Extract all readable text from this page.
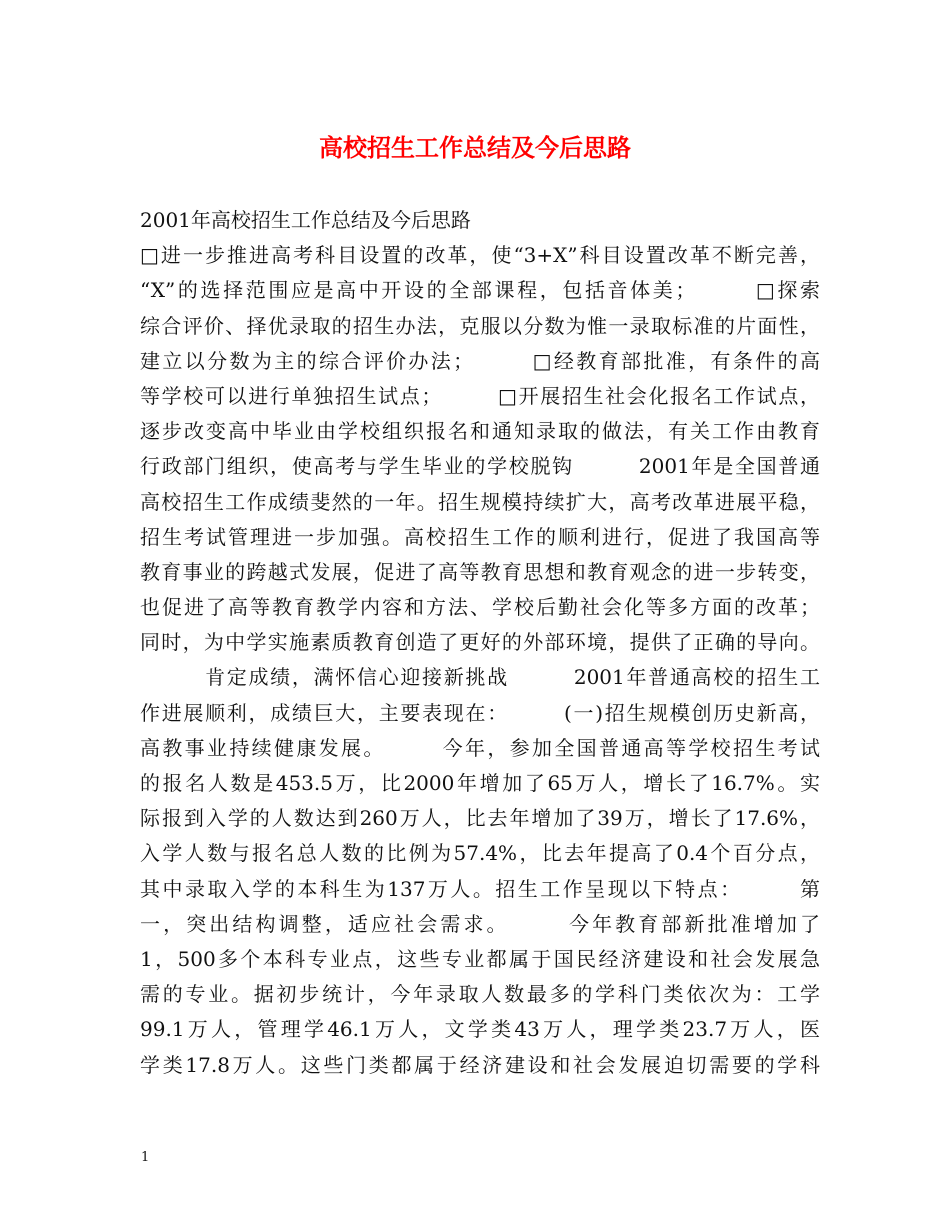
高校招生工作总结及今后思路
2001年高校招生工作总结及今后思路
□进一步推进高考科目设置的改革，使“3+X”科目设置改革不断完善，
“X”的选择范围应是高中开设的全部课程，包括音体美；　　　□探索
综合评价、择优录取的招生办法，克服以分数为惟一录取标准的片面性，
建立以分数为主的综合评价办法；　　　□经教育部批准，有条件的高
等学校可以进行单独招生试点；　　　□开展招生社会化报名工作试点，
逐步改变高中毕业由学校组织报名和通知录取的做法，有关工作由教育
行政部门组织，使高考与学生毕业的学校脱钩　　　2001年是全国普通
高校招生工作成绩斐然的一年。招生规模持续扩大，高考改革进展平稳，
招生考试管理进一步加强。高校招生工作的顺利进行，促进了我国高等
教育事业的跨越式发展，促进了高等教育思想和教育观念的进一步转变，
也促进了高等教育教学内容和方法、学校后勤社会化等多方面的改革；
同时，为中学实施素质教育创造了更好的外部环境，提供了正确的导向。
　　　肯定成绩，满怀信心迎接新挑战　　　2001年普通高校的招生工
作进展顺利，成绩巨大，主要表现在：　　　(一)招生规模创历史新高，
高教事业持续健康发展。　　　今年，参加全国普通高等学校招生考试
的报名人数是453.5万，比2000年增加了65万人，增长了16.7%。实
际报到入学的人数达到260万人，比去年增加了39万，增长了17.6%，
入学人数与报名总人数的比例为57.4%，比去年提高了0.4个百分点，
其中录取入学的本科生为137万人。招生工作呈现以下特点：　　　第
一，突出结构调整，适应社会需求。　　　今年教育部新批准增加了
1，500多个本科专业点，这些专业都属于国民经济建设和社会发展急
需的专业。据初步统计，今年录取人数最多的学科门类依次为：工学
99.1万人，管理学46.1万人，文学类43万人，理学类23.7万人，医
学类17.8万人。这些门类都属于经济建设和社会发展迫切需要的学科
1
